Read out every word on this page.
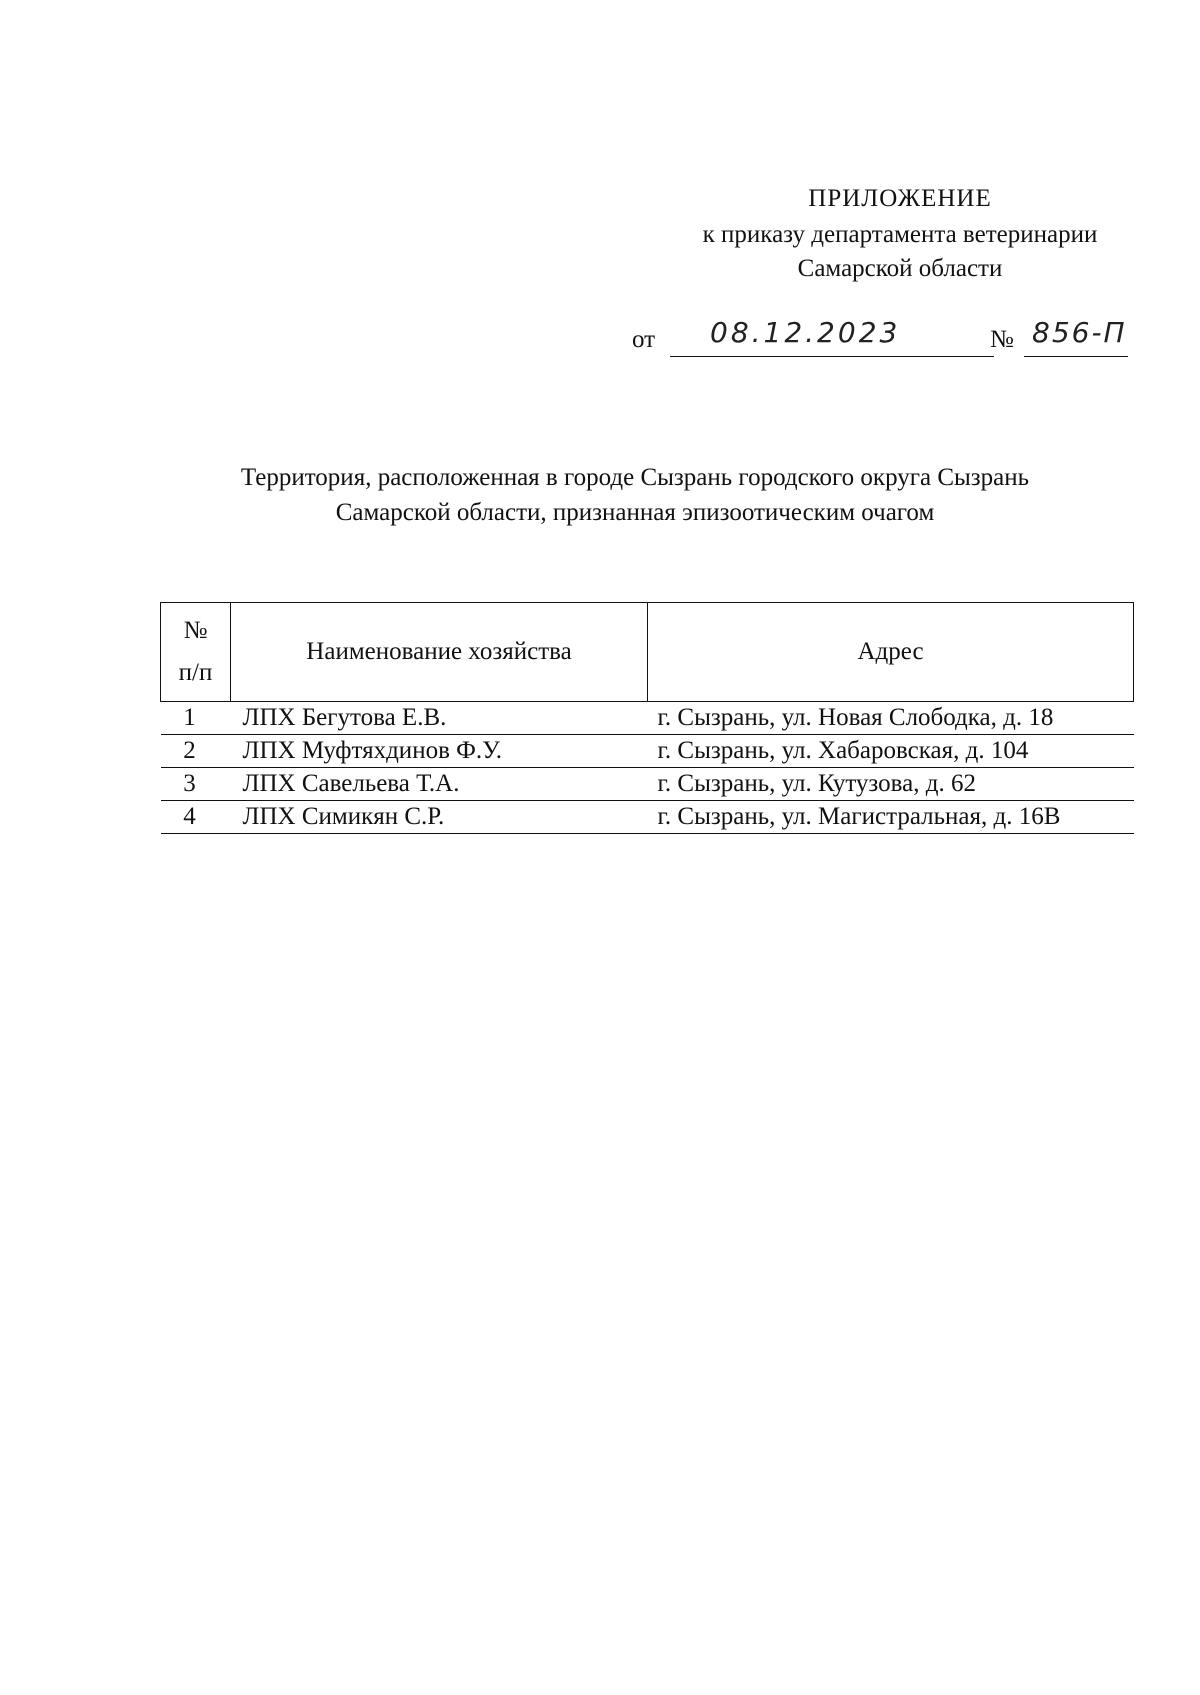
ПРИЛОЖЕНИЕ
к приказу департамента ветеринарии
Самарской области
от 08.12.2023	№ 856-П
Территория, расположенная в городе Сызрань городского округа Сызрань
Самарской области, признанная эпизоотическим очагом
№
п/п	Наименование хозяйства	Адрес
1	ЛПХ Бегутова Е.В.	г. Сызрань, ул. Новая Слободка, д. 18
2	ЛПХ Муфтяхдинов Ф.У.	г. Сызрань, ул. Хабаровская, д. 104
3	ЛПХ Савельева Т.А.	г. Сызрань, ул. Кутузова, д. 62
4	ЛПХ Симикян С.Р.	г. Сызрань, ул. Магистральная, д. 16В
